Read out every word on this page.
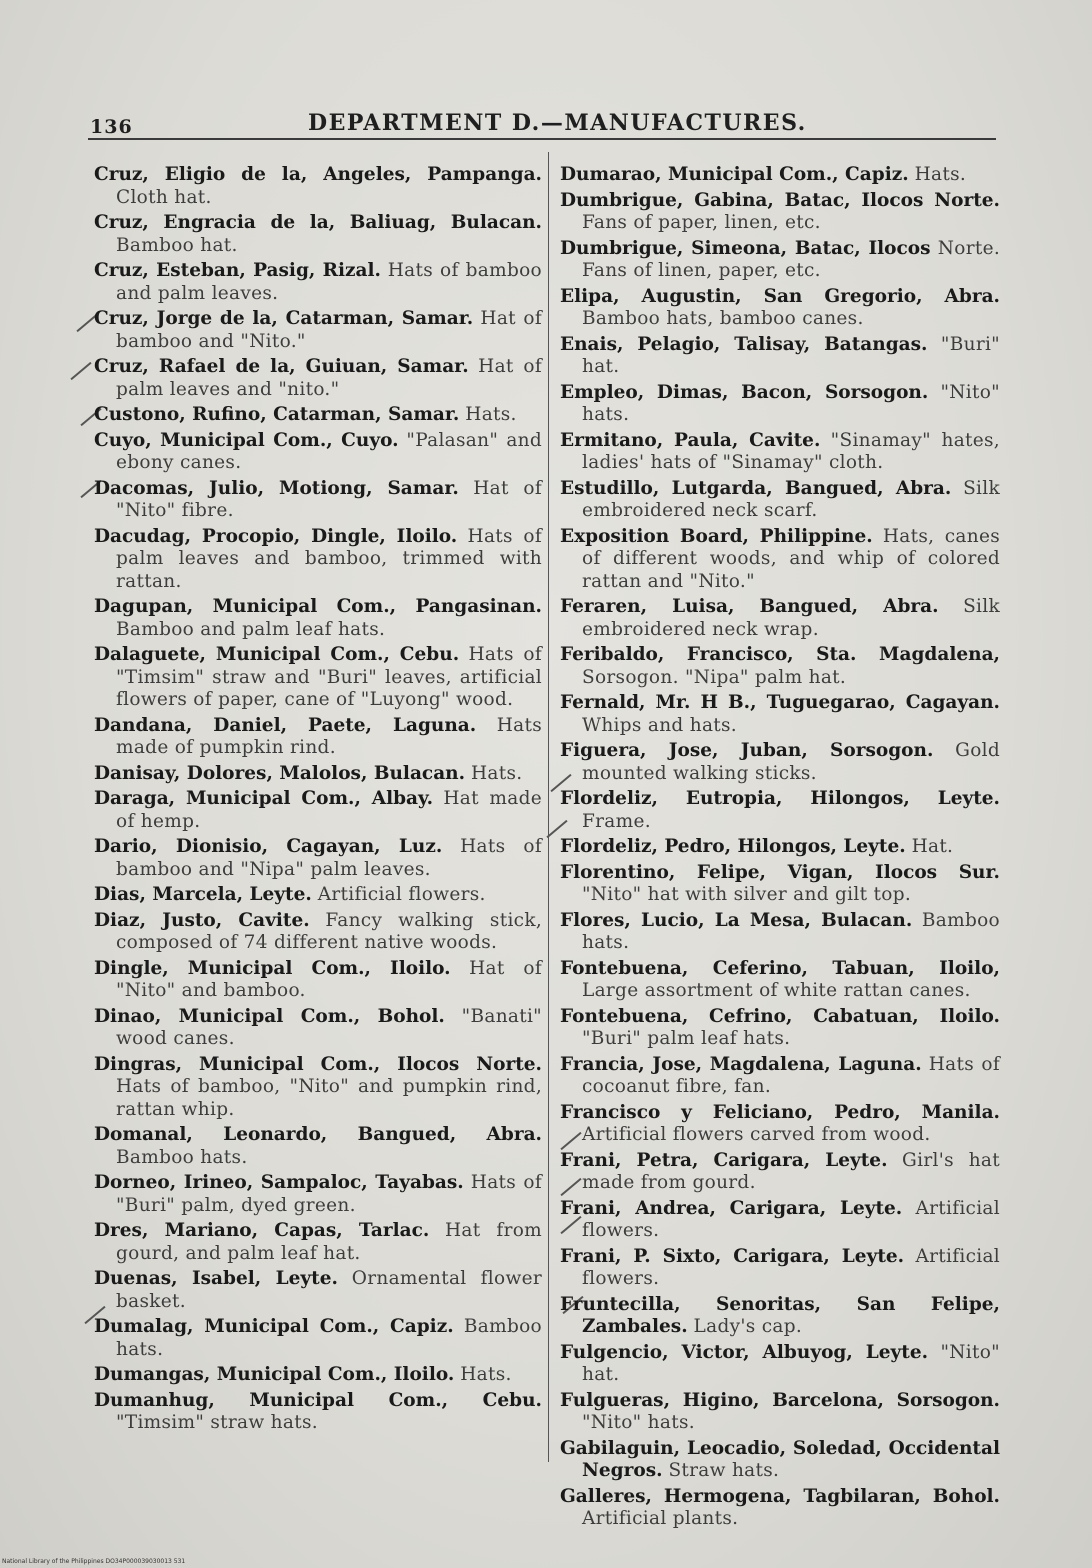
136	DEPARTMENT D.—MANUFACTURES.
Cruz, Eligio de la, Angeles, Pampanga. Cloth hat.
Cruz, Engracia de la, Baliuag, Bulacan. Bamboo hat.
Cruz, Esteban, Pasig, Rizal. Hats of bamboo and palm leaves.
Cruz, Jorge de la, Catarman, Samar. Hat of bamboo and "Nito."
Cruz, Rafael de la, Guiuan, Samar. Hat of palm leaves and "nito."
Custono, Rufino, Catarman, Samar. Hats.
Cuyo, Municipal Com., Cuyo. "Palasan" and ebony canes.
Dacomas, Julio, Motiong, Samar. Hat of "Nito" fibre.
Dacudag, Procopio, Dingle, Iloilo. Hats of palm leaves and bamboo, trimmed with rattan.
Dagupan, Municipal Com., Pangasinan. Bamboo and palm leaf hats.
Dalaguete, Municipal Com., Cebu. Hats of "Timsim" straw and "Buri" leaves, artificial flowers of paper, cane of "Luyong" wood.
Dandana, Daniel, Paete, Laguna. Hats made of pumpkin rind.
Danisay, Dolores, Malolos, Bulacan. Hats.
Daraga, Municipal Com., Albay. Hat made of hemp.
Dario, Dionisio, Cagayan, Luz. Hats of bamboo and "Nipa" palm leaves.
Dias, Marcela, Leyte. Artificial flowers.
Diaz, Justo, Cavite. Fancy walking stick, composed of 74 different native woods.
Dingle, Municipal Com., Iloilo. Hat of "Nito" and bamboo.
Dinao, Municipal Com., Bohol. "Banati" wood canes.
Dingras, Municipal Com., Ilocos Norte. Hats of bamboo, "Nito" and pumpkin rind, rattan whip.
Domanal, Leonardo, Bangued, Abra. Bamboo hats.
Dorneo, Irineo, Sampaloc, Tayabas. Hats of "Buri" palm, dyed green.
Dres, Mariano, Capas, Tarlac. Hat from gourd, and palm leaf hat.
Duenas, Isabel, Leyte. Ornamental flower basket.
Dumalag, Municipal Com., Capiz. Bamboo hats.
Dumangas, Municipal Com., Iloilo. Hats.
Dumanhug, Municipal Com., Cebu. "Timsim" straw hats.
Dumarao, Municipal Com., Capiz. Hats.
Dumbrigue, Gabina, Batac, Ilocos Norte. Fans of paper, linen, etc.
Dumbrigue, Simeona, Batac, Ilocos Norte. Fans of linen, paper, etc.
Elipa, Augustin, San Gregorio, Abra. Bamboo hats, bamboo canes.
Enais, Pelagio, Talisay, Batangas. "Buri" hat.
Empleo, Dimas, Bacon, Sorsogon. "Nito" hats.
Ermitano, Paula, Cavite. "Sinamay" hates, ladies' hats of "Sinamay" cloth.
Estudillo, Lutgarda, Bangued, Abra. Silk embroidered neck scarf.
Exposition Board, Philippine. Hats, canes of different woods, and whip of colored rattan and "Nito."
Feraren, Luisa, Bangued, Abra. Silk embroidered neck wrap.
Feribaldo, Francisco, Sta. Magdalena, Sorsogon. "Nipa" palm hat.
Fernald, Mr. H B., Tuguegarao, Cagayan. Whips and hats.
Figuera, Jose, Juban, Sorsogon. Gold mounted walking sticks.
Flordeliz, Eutropia, Hilongos, Leyte. Frame.
Flordeliz, Pedro, Hilongos, Leyte. Hat.
Florentino, Felipe, Vigan, Ilocos Sur. "Nito" hat with silver and gilt top.
Flores, Lucio, La Mesa, Bulacan. Bamboo hats.
Fontebuena, Ceferino, Tabuan, Iloilo, Large assortment of white rattan canes.
Fontebuena, Cefrino, Cabatuan, Iloilo. "Buri" palm leaf hats.
Francia, Jose, Magdalena, Laguna. Hats of cocoanut fibre, fan.
Francisco y Feliciano, Pedro, Manila. Artificial flowers carved from wood.
Frani, Petra, Carigara, Leyte. Girl's hat made from gourd.
Frani, Andrea, Carigara, Leyte. Artificial flowers.
Frani, P. Sixto, Carigara, Leyte. Artificial flowers.
Fruntecilla, Senoritas, San Felipe, Zambales. Lady's cap.
Fulgencio, Victor, Albuyog, Leyte. "Nito" hat.
Fulgueras, Higino, Barcelona, Sorsogon. "Nito" hats.
Gabilaguin, Leocadio, Soledad, Occidental Negros. Straw hats.
Galleres, Hermogena, Tagbilaran, Bohol. Artificial plants.
National Library of the Philippines DO34P000039030013 531
